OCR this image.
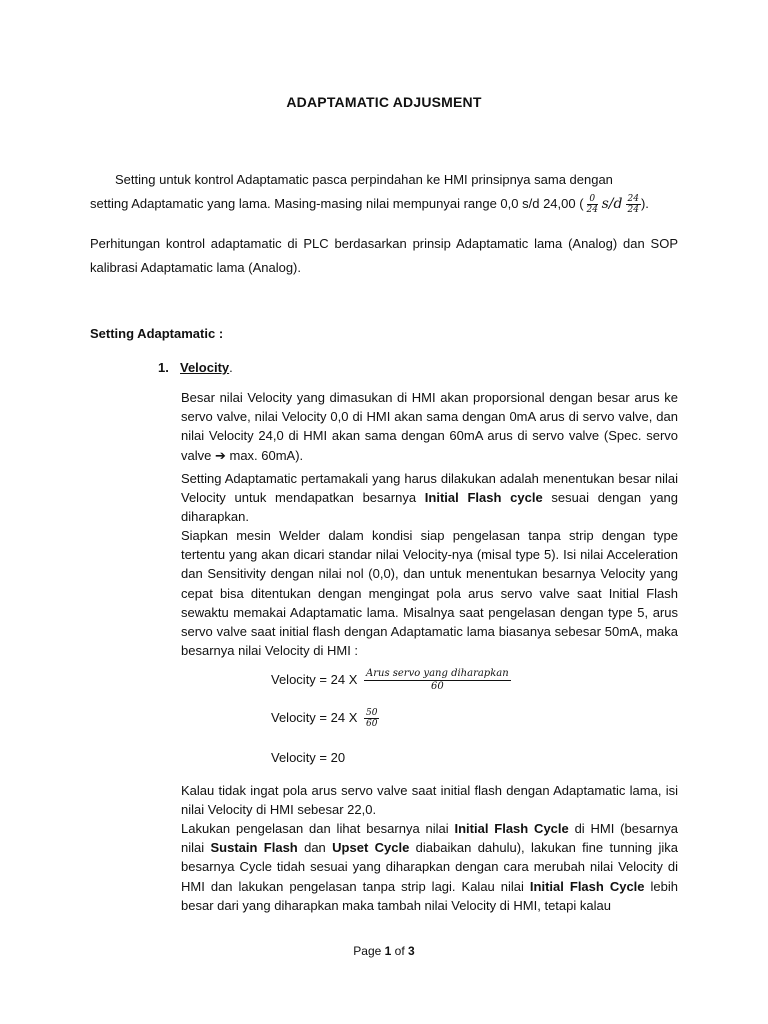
ADAPTAMATIC ADJUSMENT
Setting untuk kontrol Adaptamatic pasca perpindahan ke HMI prinsipnya sama dengan
setting Adaptamatic yang lama. Masing-masing nilai mempunyai range 0,0 s/d 24,00 ( $\frac{0}{24} s/d \frac{24}{24}$ ).

Perhitungan kontrol adaptamatic di PLC berdasarkan prinsip Adaptamatic lama (Analog) dan SOP kalibrasi Adaptamatic lama (Analog).

Setting Adaptamatic :

1. Velocity.

Besar nilai Velocity yang dimasukan di HMI akan proporsional dengan besar arus ke servo valve, nilai Velocity 0,0 di HMI akan sama dengan 0mA arus di servo valve, dan nilai Velocity 24,0 di HMI akan sama dengan 60mA arus di servo valve (Spec. servo valve ➔ max. 60mA).

Setting Adaptamatic pertamakali yang harus dilakukan adalah menentukan besar nilai Velocity untuk mendapatkan besarnya Initial Flash cycle sesuai dengan yang diharapkan.

Siapkan mesin Welder dalam kondisi siap pengelasan tanpa strip dengan type tertentu yang akan dicari standar nilai Velocity-nya (misal type 5). Isi nilai Acceleration dan Sensitivity dengan nilai nol (0,0), dan untuk menentukan besarnya Velocity yang cepat bisa ditentukan dengan mengingat pola arus servo valve saat Initial Flash sewaktu memakai Adaptamatic lama. Misalnya saat pengelasan dengan type 5, arus servo valve saat initial flash dengan Adaptamatic lama biasanya sebesar 50mA, maka besarnya nilai Velocity di HMI :

Velocity = 24 X $\frac{\text{Arus servo yang diharapkan}}{60}$
Velocity = 24 X $\frac{50}{60}$
Velocity = 20

Kalau tidak ingat pola arus servo valve saat initial flash dengan Adaptamatic lama, isi nilai Velocity di HMI sebesar 22,0.

Lakukan pengelasan dan lihat besarnya nilai Initial Flash Cycle di HMI (besarnya nilai Sustain Flash dan Upset Cycle diabaikan dahulu), lakukan fine tunning jika besarnya Cycle tidah sesuai yang diharapkan dengan cara merubah nilai Velocity di HMI dan lakukan pengelasan tanpa strip lagi. Kalau nilai Initial Flash Cycle lebih besar dari yang diharapkan maka tambah nilai Velocity di HMI, tetapi kalau

Page 1 of 3
